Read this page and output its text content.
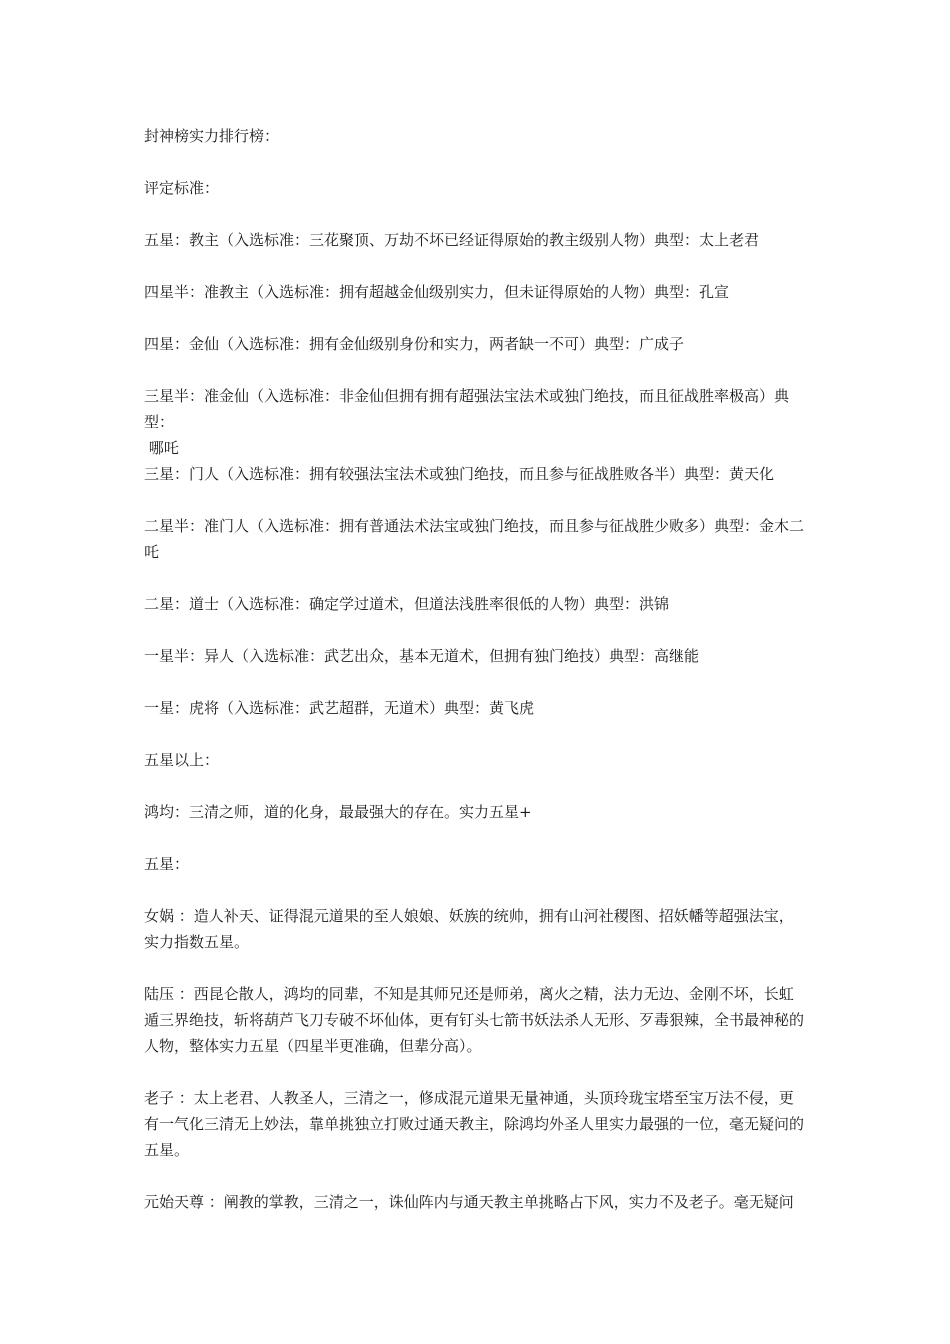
封神榜实力排行榜：

评定标准：

五星：教主（入选标准：三花聚顶、万劫不坏已经证得原始的教主级别人物）典型：太上老君

四星半：准教主（入选标准：拥有超越金仙级别实力，但未证得原始的人物）典型：孔宣

四星：金仙（入选标准：拥有金仙级别身份和实力，两者缺一不可）典型：广成子

三星半：准金仙（入选标准：非金仙但拥有拥有超强法宝法术或独门绝技，而且征战胜率极高）典型：
哪吒

三星：门人（入选标准：拥有较强法宝法术或独门绝技，而且参与征战胜败各半）典型：黄天化

二星半：准门人（入选标准：拥有普通法术法宝或独门绝技，而且参与征战胜少败多）典型：金木二
吒

二星：道士（入选标准：确定学过道术，但道法浅胜率很低的人物）典型：洪锦

一星半：异人（入选标准：武艺出众，基本无道术，但拥有独门绝技）典型：高继能

一星：虎将（入选标准：武艺超群，无道术）典型：黄飞虎

五星以上：

鸿均：三清之师，道的化身，最最强大的存在。实力五星+

五星：

女娲 ：造人补天、证得混元道果的至人娘娘、妖族的统帅，拥有山河社稷图、招妖幡等超强法宝，
实力指数五星。

陆压 ：西昆仑散人，鸿均的同辈，不知是其师兄还是师弟，离火之精，法力无边、金刚不坏，长虹
遁三界绝技，斩将葫芦飞刀专破不坏仙体，更有钉头七箭书妖法杀人无形、歹毒狠辣，全书最神秘的
人物，整体实力五星（四星半更准确，但辈分高）。

老子 ：太上老君、人教圣人，三清之一，修成混元道果无量神通，头顶玲珑宝塔至宝万法不侵，更
有一气化三清无上妙法，靠单挑独立打败过通天教主，除鸿均外圣人里实力最强的一位，毫无疑问的
五星。

元始天尊 ：阐教的掌教，三清之一，诛仙阵内与通天教主单挑略占下风，实力不及老子。毫无疑问
